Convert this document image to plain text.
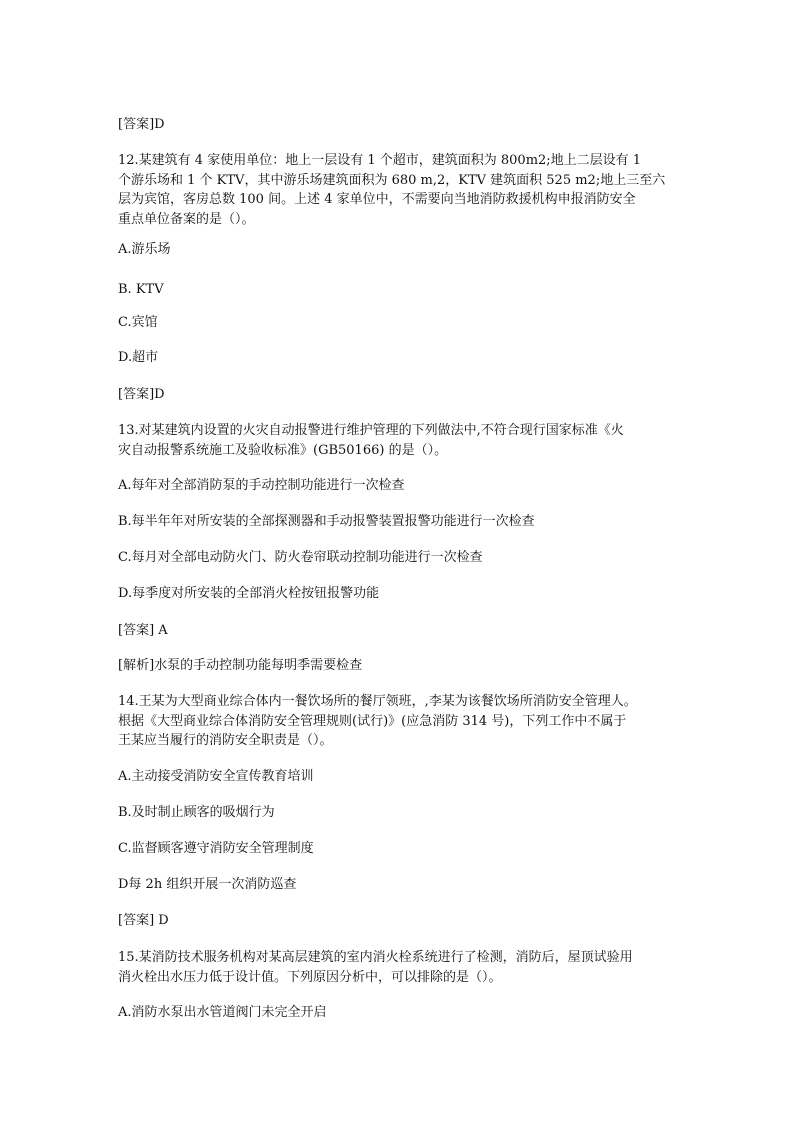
[答案]D
12.某建筑有 4 家使用单位：地上一层设有 1 个超市，建筑面积为 800m2;地上二层设有 1
个游乐场和 1 个 KTV，其中游乐场建筑面积为 680 m,2，KTV 建筑面积 525 m2;地上三至六
层为宾馆，客房总数 100 间。上述 4 家单位中，不需要向当地消防救援机构申报消防安全
重点单位备案的是（）。
A.游乐场
B. KTV
C.宾馆
D.超市
[答案]D
13.对某建筑内设置的火灾自动报警进行维护管理的下列做法中,不符合现行国家标准《火
灾自动报警系统施工及验收标准》(GB50166) 的是（）。
A.每年对全部消防泵的手动控制功能进行一次检查
B.每半年年对所安装的全部探测器和手动报警装置报警功能进行一次检查
C.每月对全部电动防火门、防火卷帘联动控制功能进行一次检查
D.每季度对所安装的全部消火栓按钮报警功能
[答案] A
[解析]水泵的手动控制功能每明季需要检查
14.王某为大型商业综合体内一餐饮场所的餐厅领班，,李某为该餐饮场所消防安全管理人。
根据《大型商业综合体消防安全管理规则(试行)》(应急消防 314 号)，下列工作中不属于
王某应当履行的消防安全职责是（）。
A.主动接受消防安全宣传教育培训
B.及时制止顾客的吸烟行为
C.监督顾客遵守消防安全管理制度
D每 2h 组织开展一次消防巡查
[答案] D
15.某消防技术服务机构对某高层建筑的室内消火栓系统进行了检测，消防后，屋顶试验用
消火栓出水压力低于设计值。下列原因分析中，可以排除的是（）。
A.消防水泵出水管道阀门未完全开启
